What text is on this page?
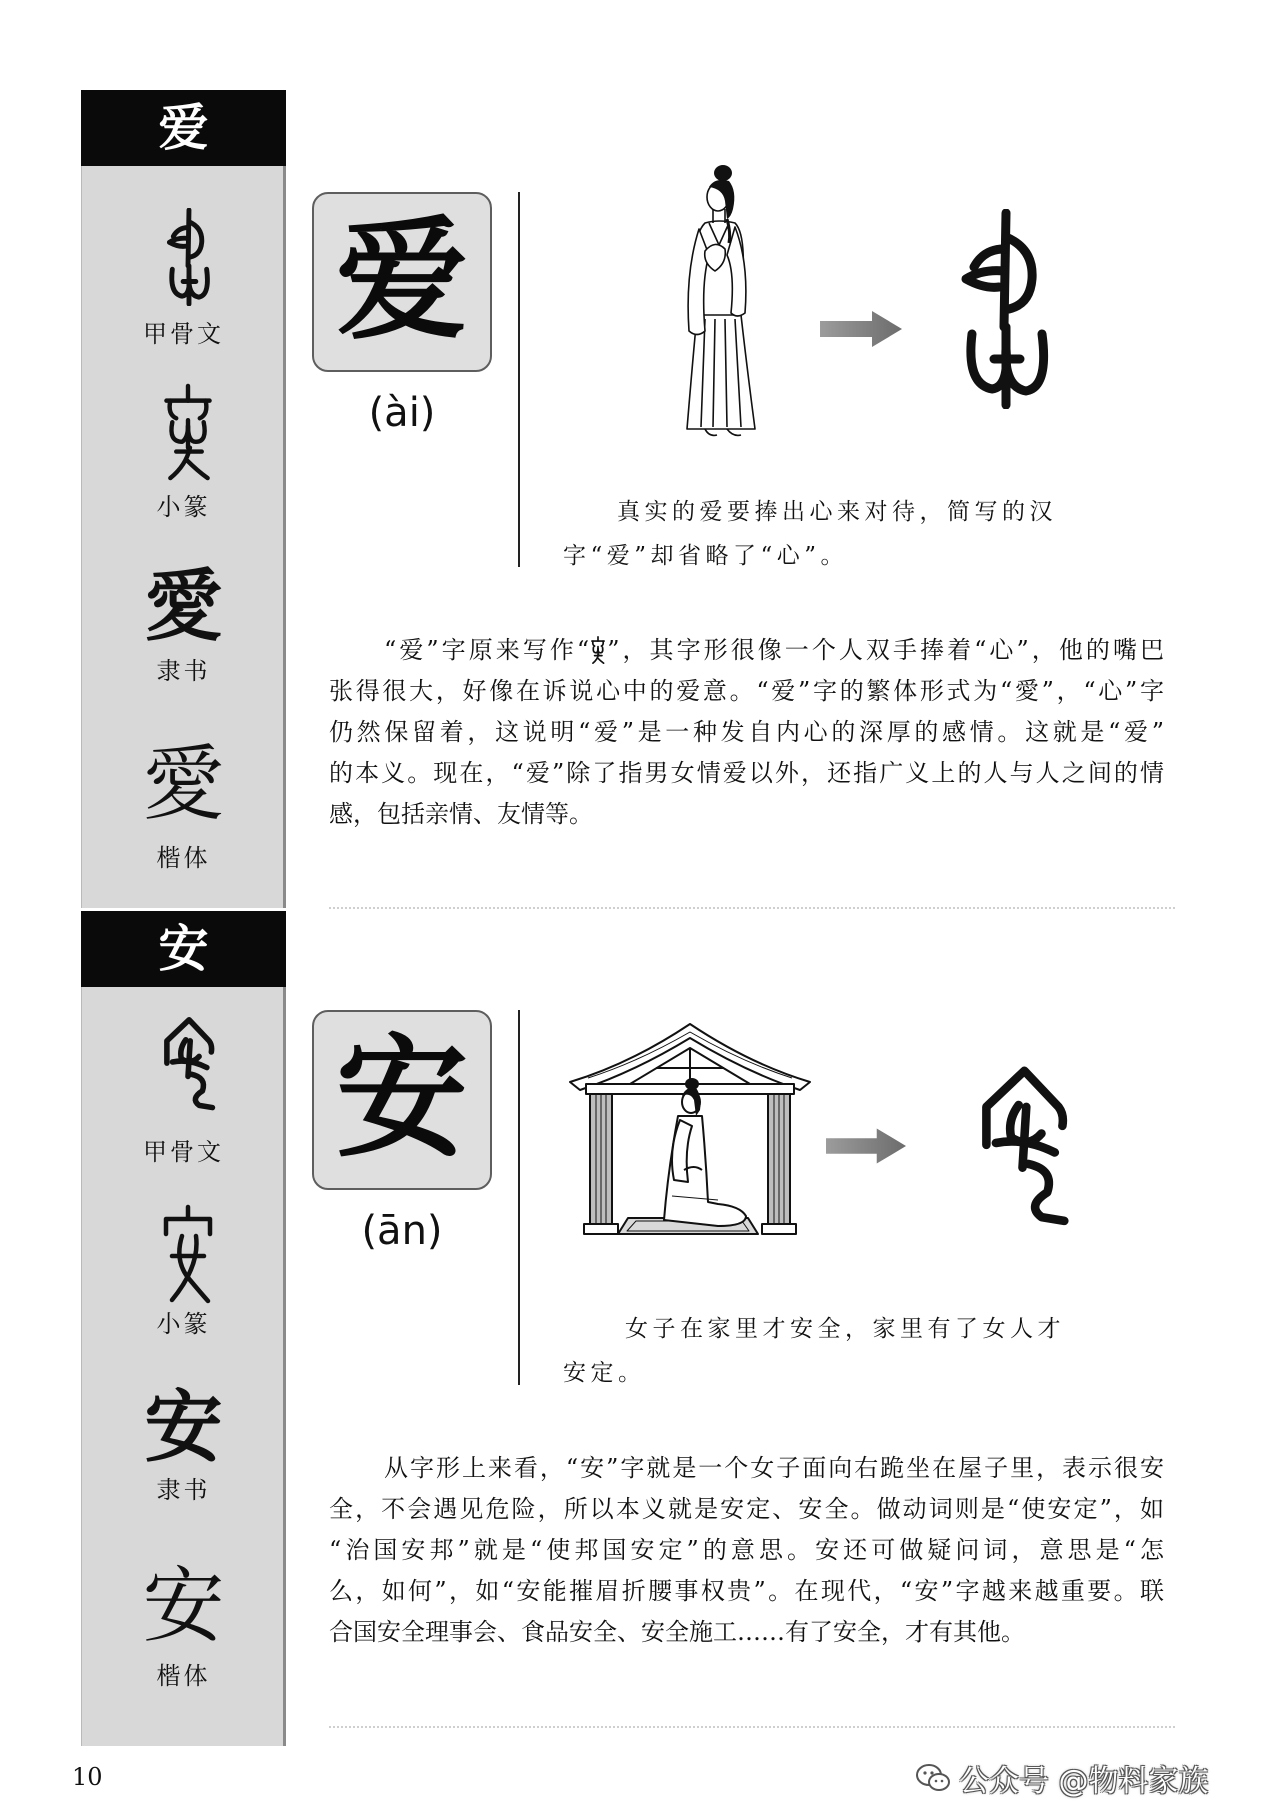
爱
甲骨文
小篆
愛
隶书
愛
楷体
安
甲骨文
小篆
安
隶书
安
楷体
爱
(ài)
真实的爱要捧出心来对待，简写的汉
字“爱”却省略了“心”。
“爱”字原来写作“ ”，其字形很像一个人双手捧着“心”，他的嘴巴
张得很大，好像在诉说心中的爱意。“爱”字的繁体形式为“愛”，“心”字
仍然保留着，这说明“爱”是一种发自内心的深厚的感情。这就是“爱”
的本义。现在，“爱”除了指男女情爱以外，还指广义上的人与人之间的情
感，包括亲情、友情等。
安
(ān)
女子在家里才安全，家里有了女人才
安定。
从字形上来看，“安”字就是一个女子面向右跪坐在屋子里，表示很安
全，不会遇见危险，所以本义就是安定、安全。做动词则是“使安定”，如
“治国安邦”就是“使邦国安定”的意思。安还可做疑问词，意思是“怎
么，如何”，如“安能摧眉折腰事权贵”。在现代，“安”字越来越重要。联
合国安全理事会、食品安全、安全施工……有了安全，才有其他。
10	公众号 @物料家族
